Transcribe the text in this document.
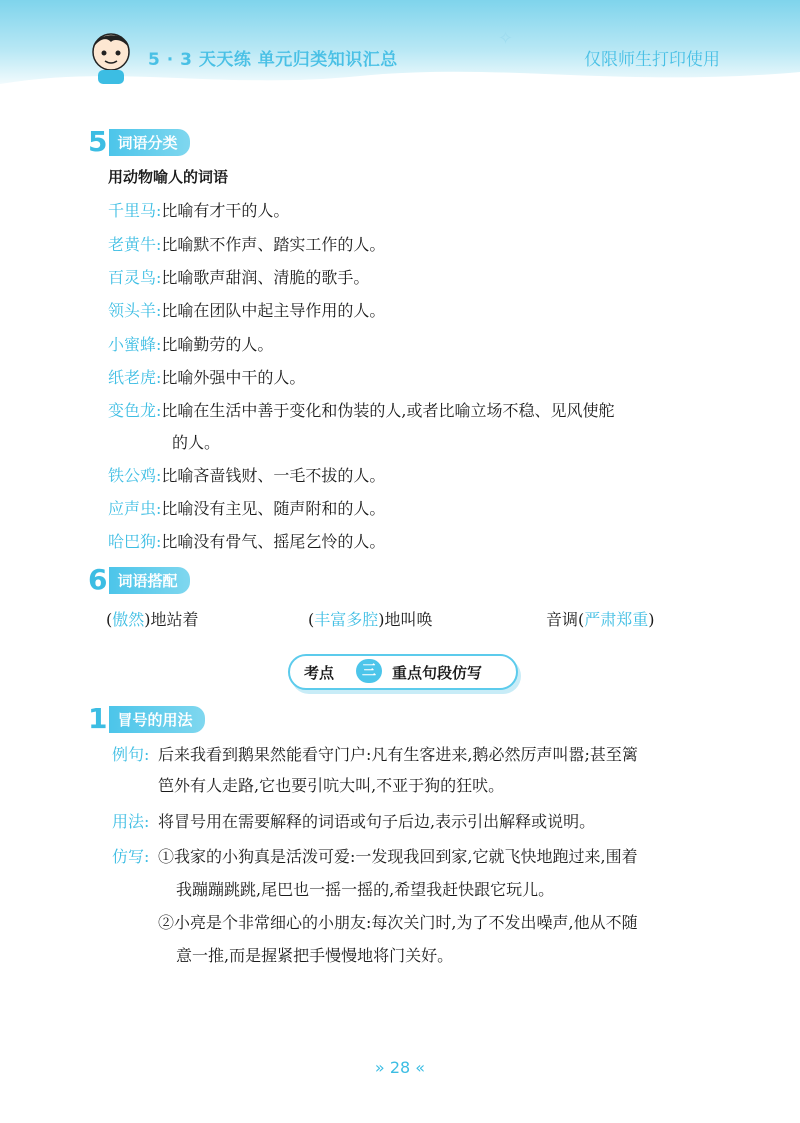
5 · 3 天天练 单元归类知识汇总
✧
仅限师生打印使用
5 词语分类
用动物喻人的词语
千里马:比喻有才干的人。
老黄牛:比喻默不作声、踏实工作的人。
百灵鸟:比喻歌声甜润、清脆的歌手。
领头羊:比喻在团队中起主导作用的人。
小蜜蜂:比喻勤劳的人。
纸老虎:比喻外强中干的人。
变色龙:比喻在生活中善于变化和伪装的人,或者比喻立场不稳、见风使舵
的人。
铁公鸡:比喻吝啬钱财、一毛不拔的人。
应声虫:比喻没有主见、随声附和的人。
哈巴狗:比喻没有骨气、摇尾乞怜的人。
6 词语搭配
(傲然)地站着	(丰富多腔)地叫唤	音调(严肃郑重)
考点	三	重点句段仿写
1 冒号的用法
例句: 后来我看到鹅果然能看守门户:凡有生客进来,鹅必然厉声叫嚣;甚至篱
笆外有人走路,它也要引吭大叫,不亚于狗的狂吠。
用法: 将冒号用在需要解释的词语或句子后边,表示引出解释或说明。
仿写: ①我家的小狗真是活泼可爱:一发现我回到家,它就飞快地跑过来,围着
我蹦蹦跳跳,尾巴也一摇一摇的,希望我赶快跟它玩儿。
②小亮是个非常细心的小朋友:每次关门时,为了不发出噪声,他从不随
意一推,而是握紧把手慢慢地将门关好。
» 28 «
